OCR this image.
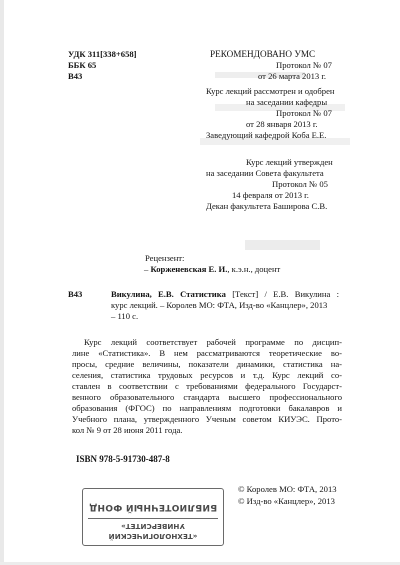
УДК 311[338+658]
ББК 65
В43
РЕКОМЕНДОВАНО УМС
Протокол № 07
от 26 марта 2013 г.
Курс лекций рассмотрен и одобрен
на заседании кафедры
Протокол № 07
от 28 января 2013 г.
Заведующий кафедрой Коба Е.Е.
Курс лекций утвержден
на заседании Совета факультета
Протокол № 05
14 февраля от 2013 г.
Декан факультета Баширова С.В.
Рецензент:
– Корженевская Е. И., к.э.н., доцент
В43	Викулина, Е.В. Статистика [Текст] / Е.В. Викулина :
курс лекций. – Королев МО: ФТА, Изд-во «Канцлер», 2013
– 110 с.
Курс лекций соответствует рабочей программе по дисцип-
лине «Статистика». В нем рассматриваются теоретические во-
просы, средние величины, показатели динамики, статистика на-
селения, статистика трудовых ресурсов и т.д. Курс лекций со-
ставлен в соответствии с требованиями федерального Государст-
венного образовательного стандарта высшего профессионального
образования (ФГОС) по направлениям подготовки бакалавров и
Учебного плана, утвержденного Ученым советом КИУЭС. Прото-
кол № 9 от 28 июня 2011 года.
ISBN 978-5-91730-487-8
© Королев МО: ФТА, 2013
© Изд-во «Канцлер», 2013
«ТЕХНОЛОГИЧЕСКИЙ
УНИВЕРСИТЕТ»
БИБЛИОТЕЧНЫЙ ФОНД
